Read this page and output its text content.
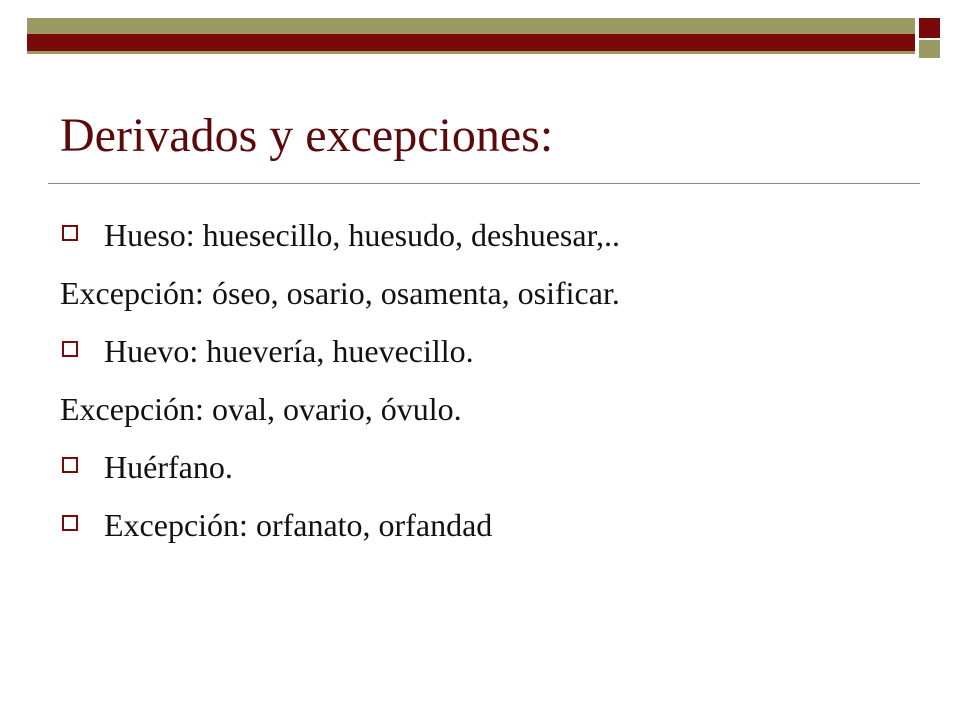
Derivados y excepciones:
Hueso: huesecillo, huesudo, deshuesar,..
Excepción: óseo, osario, osamenta, osificar.
Huevo: huevería, huevecillo.
Excepción: oval, ovario, óvulo.
Huérfano.
Excepción: orfanato, orfandad
